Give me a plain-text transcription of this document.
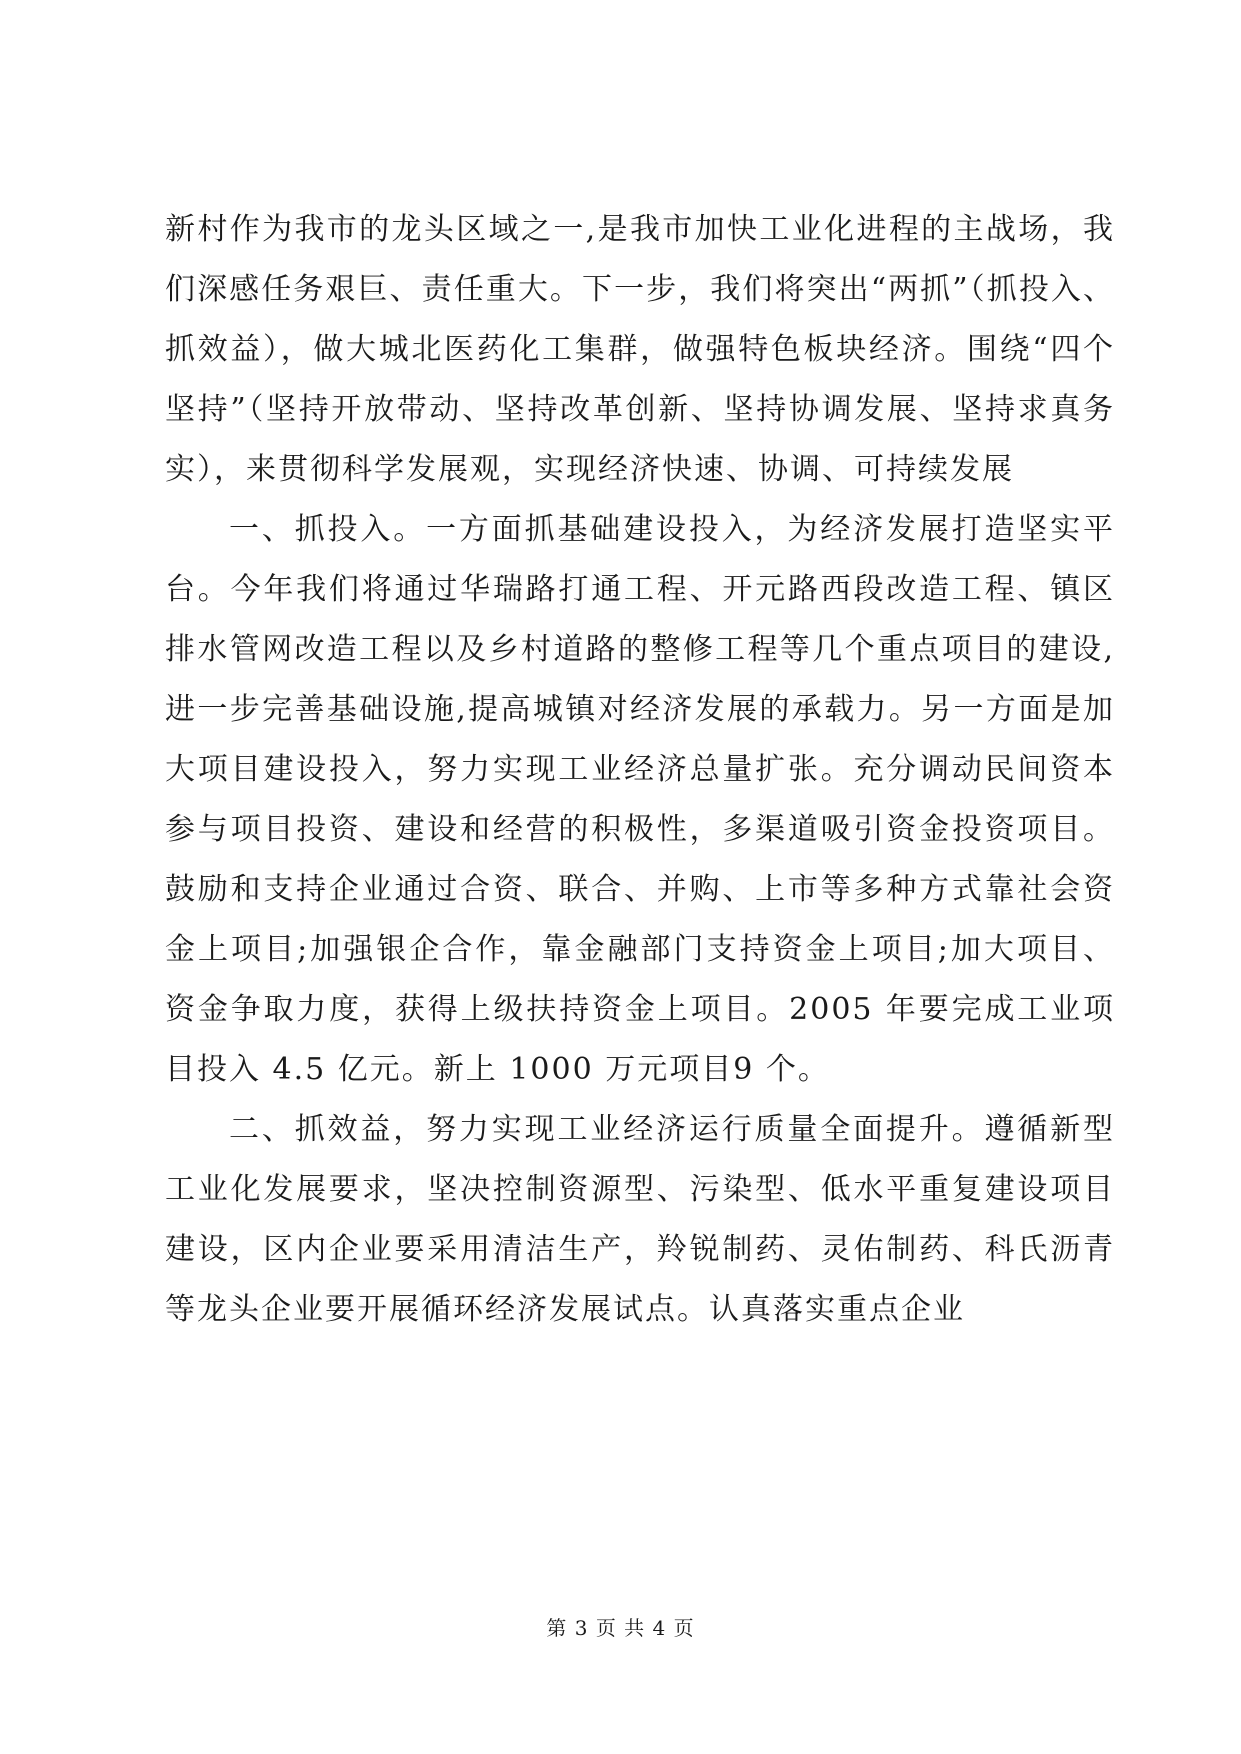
新村作为我市的龙头区域之一,是我市加快工业化进程的主战场，我们深感任务艰巨、责任重大。下一步，我们将突出“两抓”（抓投入、抓效益），做大城北医药化工集群，做强特色板块经济。围绕“四个坚持”（坚持开放带动、坚持改革创新、坚持协调发展、坚持求真务实），来贯彻科学发展观，实现经济快速、协调、可持续发展

一、抓投入。一方面抓基础建设投入，为经济发展打造坚实平台。今年我们将通过华瑞路打通工程、开元路西段改造工程、镇区排水管网改造工程以及乡村道路的整修工程等几个重点项目的建设,进一步完善基础设施,提高城镇对经济发展的承载力。另一方面是加大项目建设投入，努力实现工业经济总量扩张。充分调动民间资本参与项目投资、建设和经营的积极性，多渠道吸引资金投资项目。鼓励和支持企业通过合资、联合、并购、上市等多种方式靠社会资金上项目;加强银企合作，靠金融部门支持资金上项目;加大项目、资金争取力度，获得上级扶持资金上项目。2005 年要完成工业项目投入 4.5 亿元。新上 1000 万元项目9 个。

二、抓效益，努力实现工业经济运行质量全面提升。遵循新型工业化发展要求，坚决控制资源型、污染型、低水平重复建设项目建设，区内企业要采用清洁生产，羚锐制药、灵佑制药、科氏沥青等龙头企业要开展循环经济发展试点。认真落实重点企业

第 3 页 共 4 页
